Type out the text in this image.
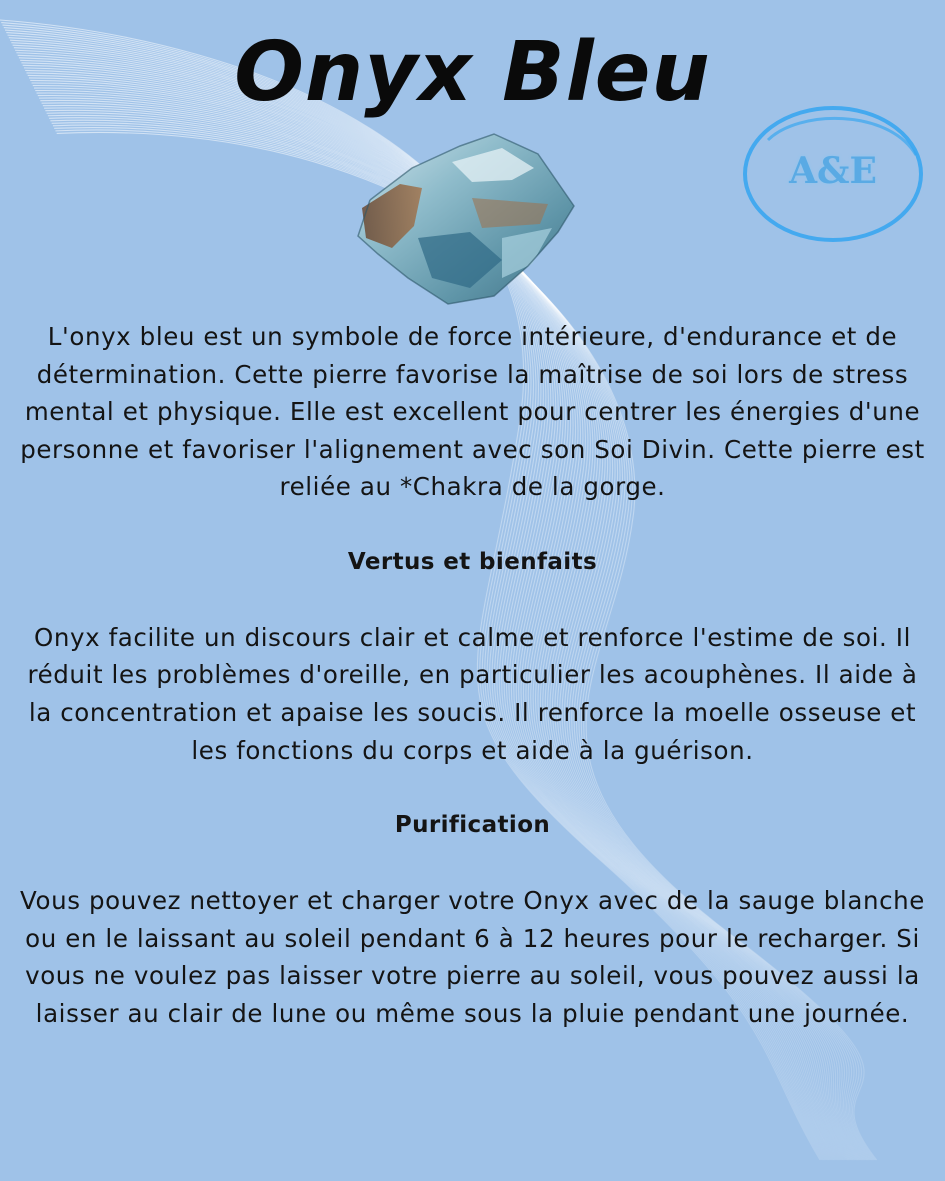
Onyx Bleu
A&E

L'onyx bleu est un symbole de force intérieure, d'endurance et de détermination. Cette pierre favorise la maîtrise de soi lors de stress mental et physique. Elle est excellent pour centrer les énergies d'une personne et favoriser l'alignement avec son Soi Divin. Cette pierre est reliée au *Chakra de la gorge.

Vertus et bienfaits

Onyx facilite un discours clair et calme et renforce l'estime de soi. Il réduit les problèmes d'oreille, en particulier les acouphènes. Il aide à la concentration et apaise les soucis. Il renforce la moelle osseuse et les fonctions du corps et aide à la guérison.

Purification

Vous pouvez nettoyer et charger votre Onyx avec de la sauge blanche ou en le laissant au soleil pendant 6 à 12 heures pour le recharger. Si vous ne voulez pas laisser votre pierre au soleil, vous pouvez aussi la laisser au clair de lune ou même sous la pluie pendant une journée.
